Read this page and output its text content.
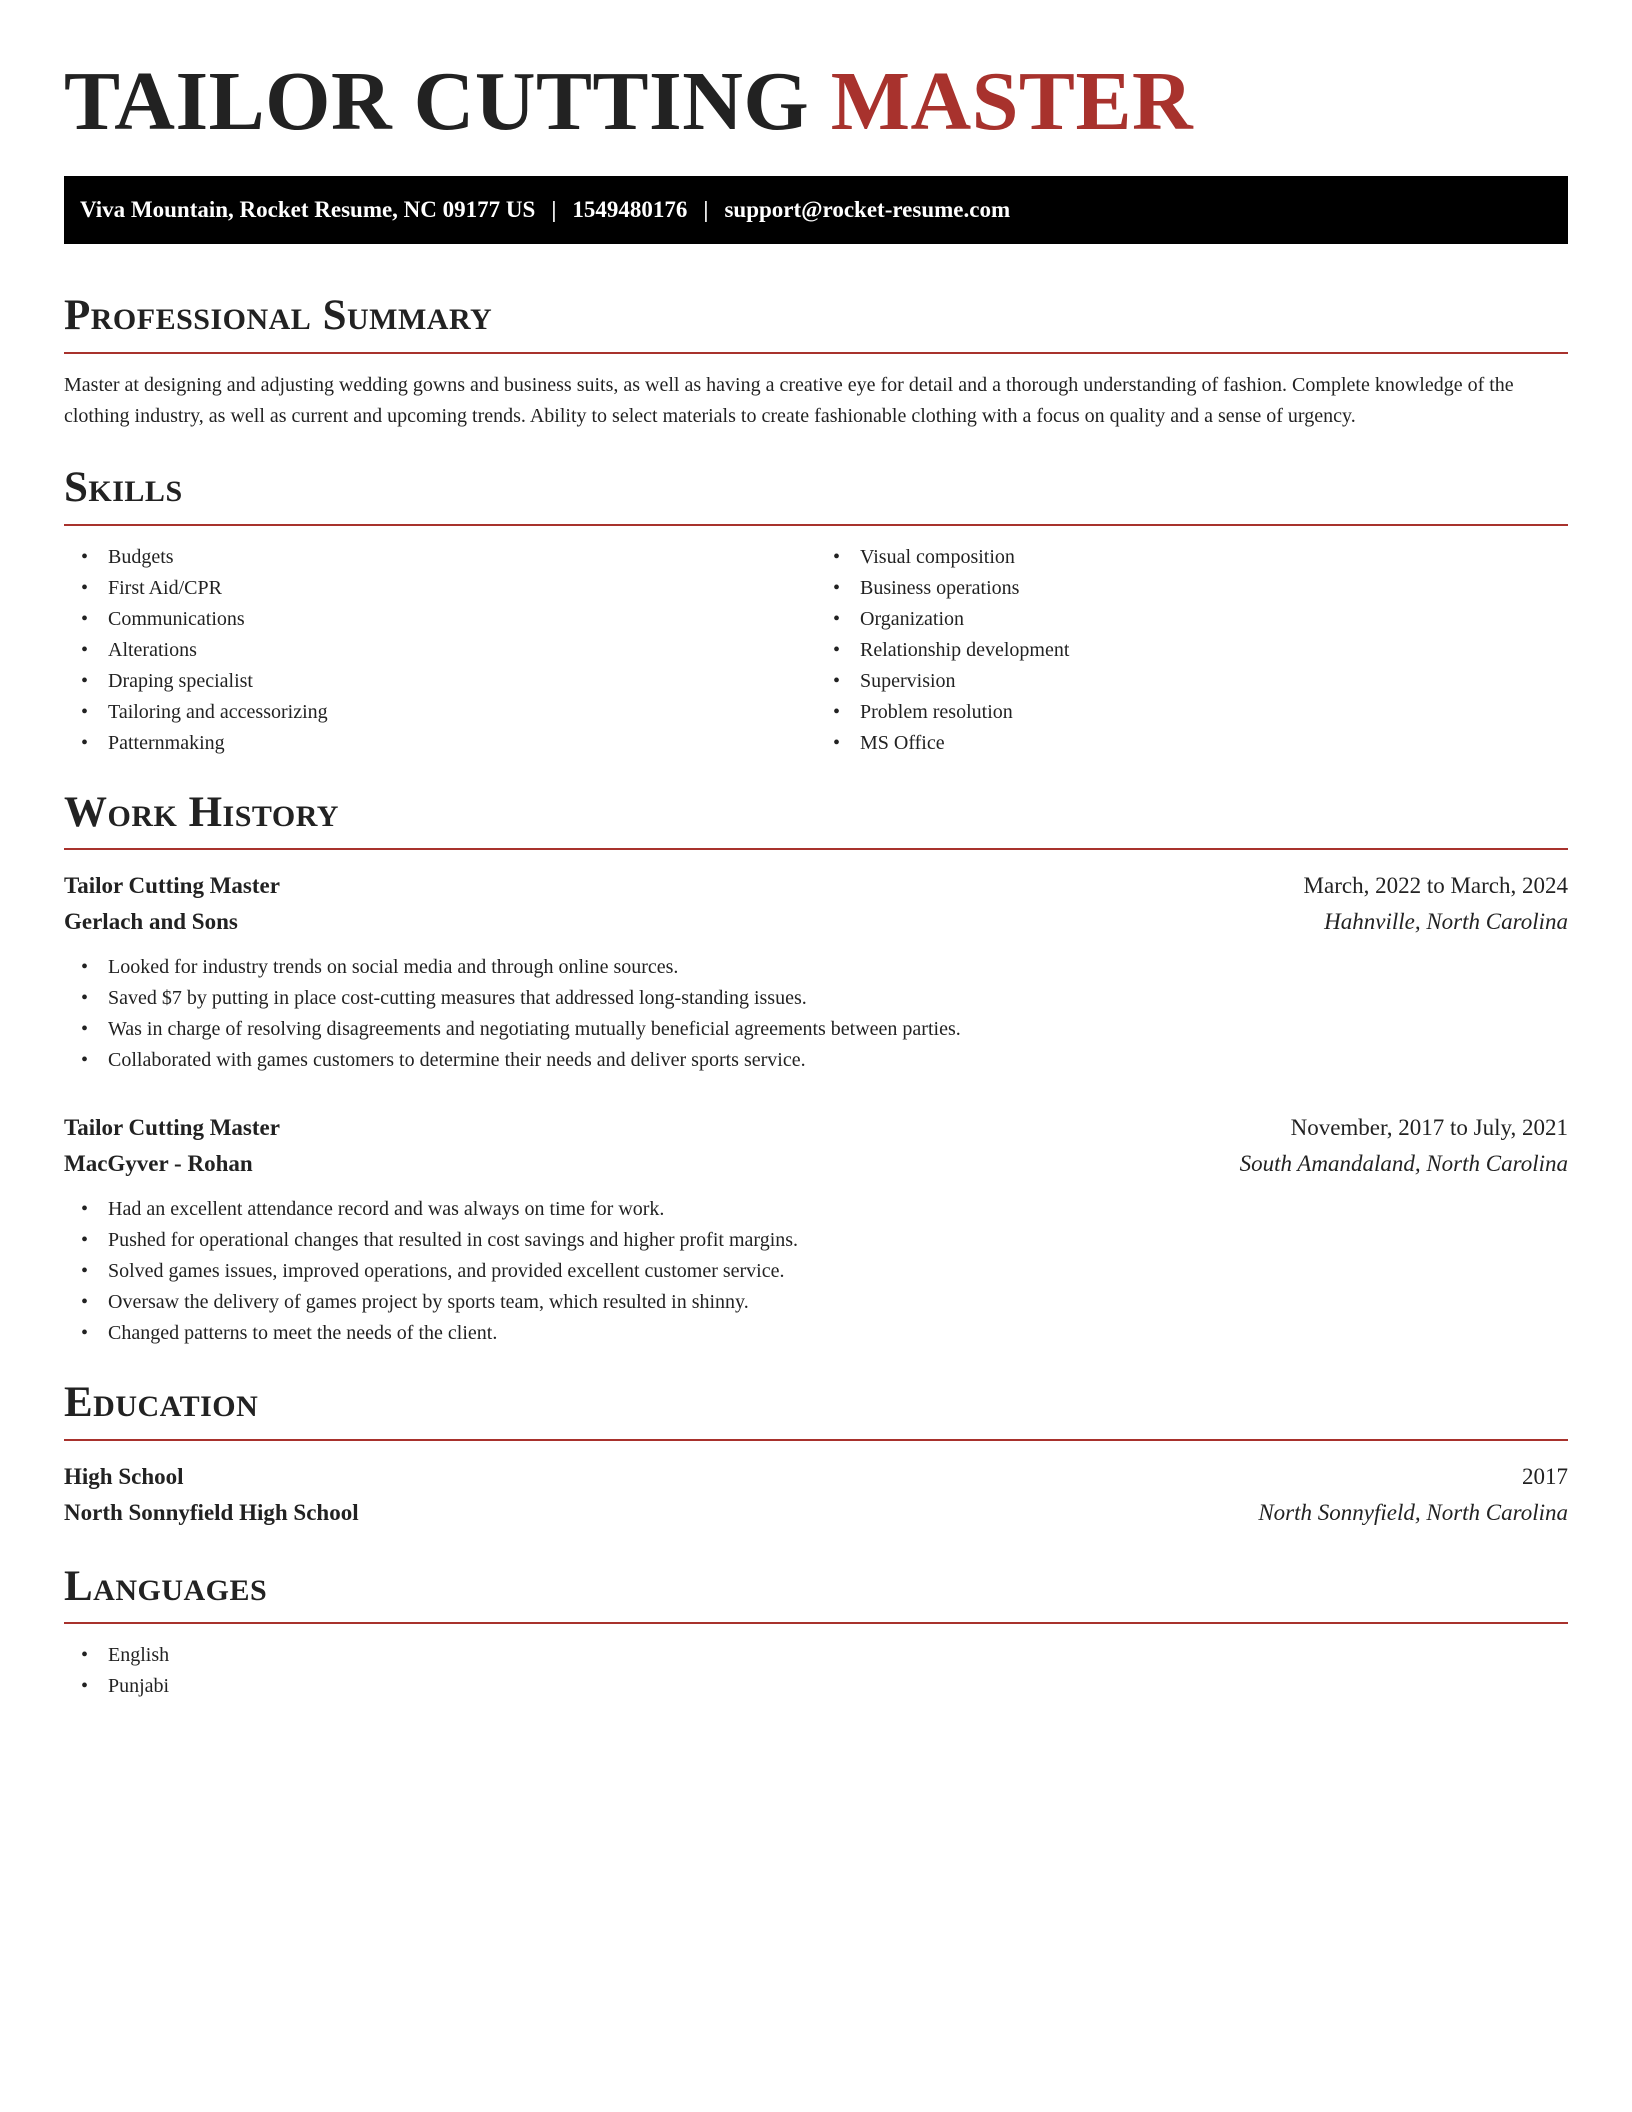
TAILOR CUTTING MASTER
Viva Mountain, Rocket Resume, NC 09177 US | 1549480176 | support@rocket-resume.com
Professional Summary

Master at designing and adjusting wedding gowns and business suits, as well as having a creative eye for detail and a thorough understanding of fashion. Complete knowledge of the clothing industry, as well as current and upcoming trends. Ability to select materials to create fashionable clothing with a focus on quality and a sense of urgency.

Skills
• Budgets
• First Aid/CPR
• Communications
• Alterations
• Draping specialist
• Tailoring and accessorizing
• Patternmaking
• Visual composition
• Business operations
• Organization
• Relationship development
• Supervision
• Problem resolution
• MS Office
Work History
Tailor Cutting Master	March, 2022 to March, 2024
Gerlach and Sons	Hahnville, North Carolina
• Looked for industry trends on social media and through online sources.
• Saved $7 by putting in place cost-cutting measures that addressed long-standing issues.
• Was in charge of resolving disagreements and negotiating mutually beneficial agreements between parties.
• Collaborated with games customers to determine their needs and deliver sports service.
Tailor Cutting Master	November, 2017 to July, 2021
MacGyver - Rohan	South Amandaland, North Carolina
• Had an excellent attendance record and was always on time for work.
• Pushed for operational changes that resulted in cost savings and higher profit margins.
• Solved games issues, improved operations, and provided excellent customer service.
• Oversaw the delivery of games project by sports team, which resulted in shinny.
• Changed patterns to meet the needs of the client.
Education
High School	2017
North Sonnyfield High School	North Sonnyfield, North Carolina
Languages
• English
• Punjabi
